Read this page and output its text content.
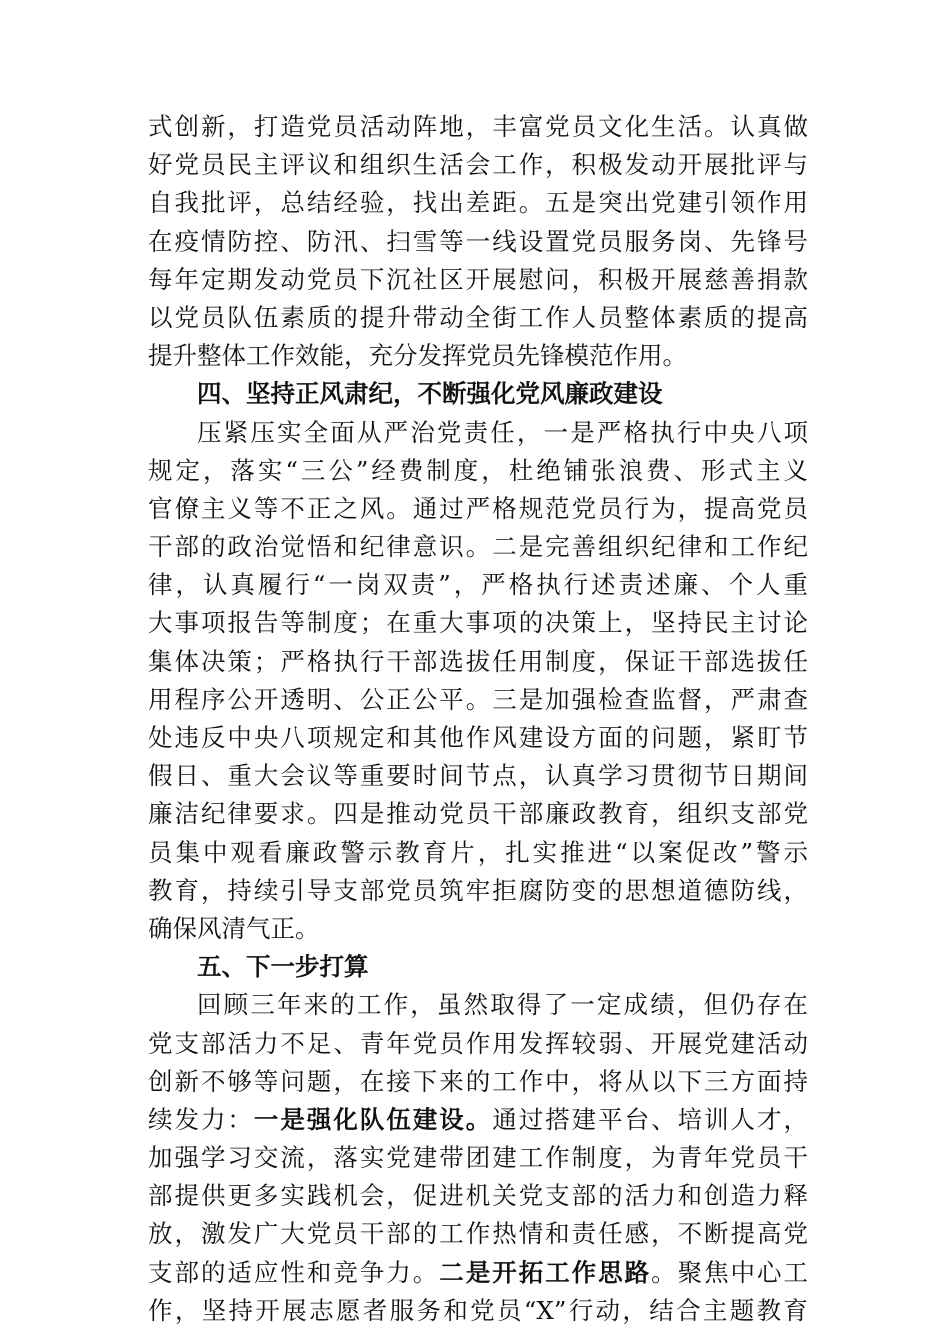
式创新，打造党员活动阵地，丰富党员文化生活。认真做
好党员民主评议和组织生活会工作，积极发动开展批评与
自我批评，总结经验，找出差距。五是突出党建引领作用
在疫情防控、防汛、扫雪等一线设置党员服务岗、先锋号
每年定期发动党员下沉社区开展慰问，积极开展慈善捐款
以党员队伍素质的提升带动全街工作人员整体素质的提高
提升整体工作效能，充分发挥党员先锋模范作用。
四、坚持正风肃纪，不断强化党风廉政建设
压紧压实全面从严治党责任，一是严格执行中央八项
规定，落实“三公”经费制度，杜绝铺张浪费、形式主义
官僚主义等不正之风。通过严格规范党员行为，提高党员
干部的政治觉悟和纪律意识。二是完善组织纪律和工作纪
律，认真履行“一岗双责”，严格执行述责述廉、个人重
大事项报告等制度；在重大事项的决策上，坚持民主讨论
集体决策；严格执行干部选拔任用制度，保证干部选拔任
用程序公开透明、公正公平。三是加强检查监督，严肃查
处违反中央八项规定和其他作风建设方面的问题，紧盯节
假日、重大会议等重要时间节点，认真学习贯彻节日期间
廉洁纪律要求。四是推动党员干部廉政教育，组织支部党
员集中观看廉政警示教育片，扎实推进“以案促改”警示
教育，持续引导支部党员筑牢拒腐防变的思想道德防线，
确保风清气正。
五、下一步打算
回顾三年来的工作，虽然取得了一定成绩，但仍存在
党支部活力不足、青年党员作用发挥较弱、开展党建活动
创新不够等问题，在接下来的工作中，将从以下三方面持
续发力：一是强化队伍建设。通过搭建平台、培训人才，
加强学习交流，落实党建带团建工作制度，为青年党员干
部提供更多实践机会，促进机关党支部的活力和创造力释
放，激发广大党员干部的工作热情和责任感，不断提高党
支部的适应性和竞争力。二是开拓工作思路。聚焦中心工
作，坚持开展志愿者服务和党员“X”行动，结合主题教育
